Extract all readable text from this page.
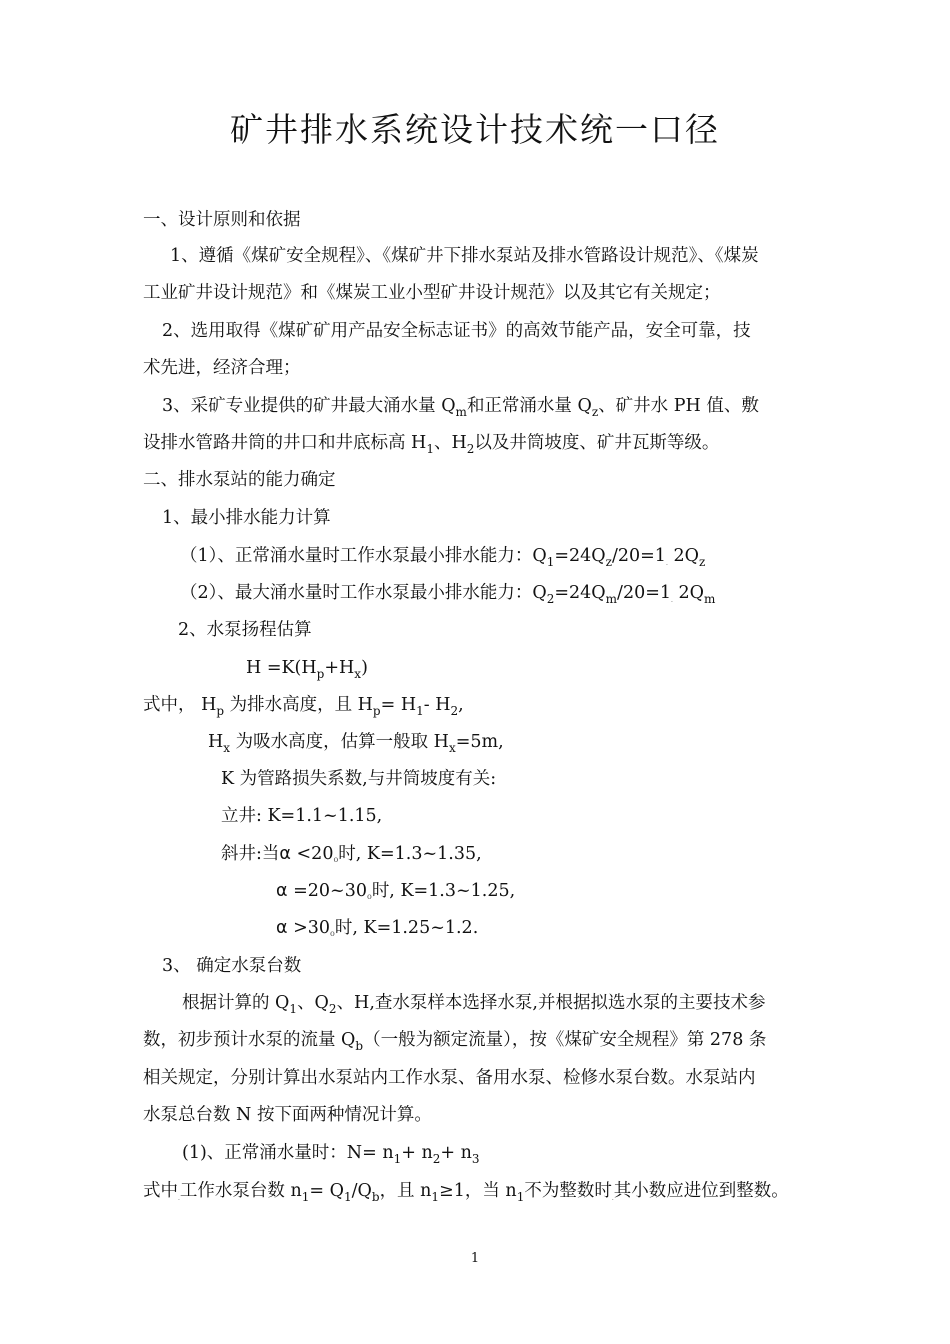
矿井排水系统设计技术统一口径
一、设计原则和依据
1、遵循《煤矿安全规程》、《煤矿井下排水泵站及排水管路设计规范》、《煤炭
工业矿井设计规范》和《煤炭工业小型矿井设计规范》以及其它有关规定；
2、选用取得《煤矿矿用产品安全标志证书》的高效节能产品，安全可靠，技
术先进，经济合理；
3、采矿专业提供的矿井最大涌水量 $Q_m$和正常涌水量 $Q_z$、矿井水 PH 值、敷
设排水管路井筒的井口和井底标高 $H_1$、$H_2$以及井筒坡度、矿井瓦斯等级。
二、排水泵站的能力确定
1、最小排水能力计算
（1）、正常涌水量时工作水泵最小排水能力：$Q_1=24Q_z/20=1_.$ $2Q_z$
（2）、最大涌水量时工作水泵最小排水能力：$Q_2=24Q_m/20=1_.$ $2Q_m$
2、水泵扬程估算
$H =K(H_p+H_x)$
式中， $H_p$ 为排水高度，且 $H_p= H_1-$ $H_2$,
$H_x$ 为吸水高度，估算一般取 $H_x=5m$,
K 为管路损失系数,与井筒坡度有关:
立井: K=1.1~1.15,
斜井:当α <20o时, K=1.3~1.35,
α =20~30o时, K=1.3~1.25,
α >30o时, K=1.25~1.2.
3、 确定水泵台数
根据计算的 $Q_1$、$Q_2$、H,查水泵样本选择水泵,并根据拟选水泵的主要技术参
数，初步预计水泵的流量 $Q_b$（一般为额定流量），按《煤矿安全规程》第 278 条
相关规定，分别计算出水泵站内工作水泵、备用水泵、检修水泵台数。水泵站内
水泵总台数 N 按下面两种情况计算。
(1)、正常涌水量时：$N= n_1+ n_2+ n_3$
式中$_.$工作水泵台数 $n_1= Q_1/Q_b$，且 $n_1\ge 1$，当 $n_1$不为整数时$_.$其小数应进位到整数。
1
